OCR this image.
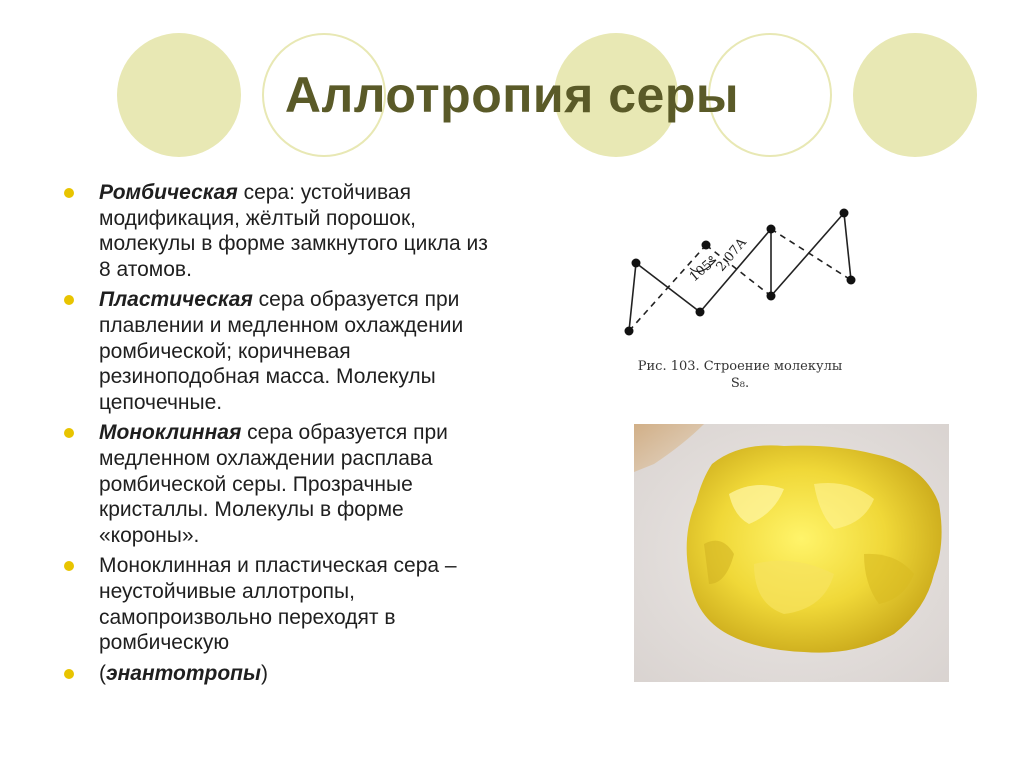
Аллотропия серы
Ромбическая сера: устойчивая модификация, жёлтый порошок, молекулы в форме замкнутого цикла из 8 атомов.
Пластическая сера образуется при плавлении и медленном охлаждении ромбической; коричневая резиноподобная масса. Молекулы цепочечные.
Моноклинная сера образуется при медленном охлаждении расплава ромбической серы. Прозрачные кристаллы. Молекулы в форме «короны».
Моноклинная и пластическая сера – неустойчивые аллотропы, самопроизвольно переходят в ромбическую
(энантотропы)
105°
2,07А
Рис. 103. Строение молекулы
S₈.
